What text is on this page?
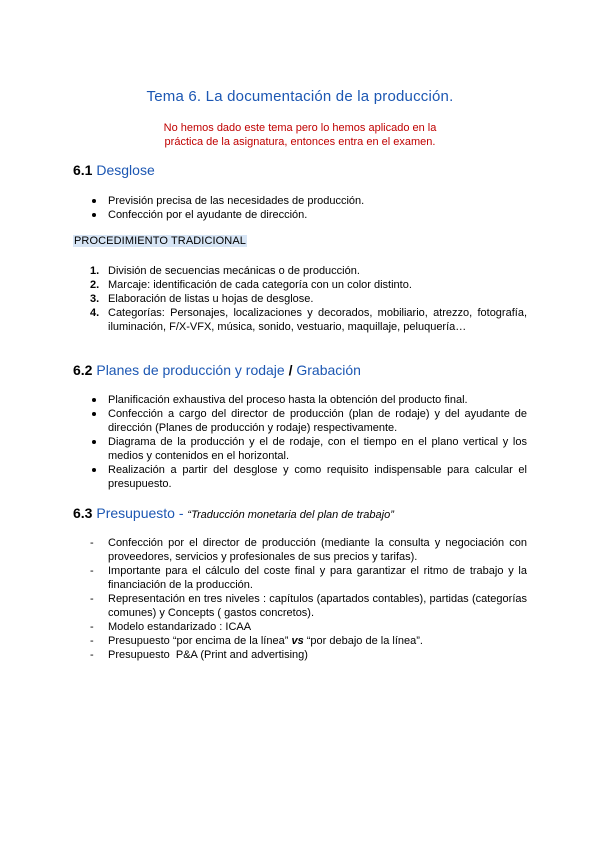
Tema 6. La documentación de la producción.
No hemos dado este tema pero lo hemos aplicado en la
práctica de la asignatura, entonces entra en el examen.
6.1 Desglose
Previsión precisa de las necesidades de producción.
Confección por el ayudante de dirección.
PROCEDIMIENTO TRADICIONAL
1. División de secuencias mecánicas o de producción.
2. Marcaje: identificación de cada categoría con un color distinto.
3. Elaboración de listas u hojas de desglose.
4. Categorías: Personajes, localizaciones y decorados, mobiliario, atrezzo, fotografía, iluminación, F/X-VFX, música, sonido, vestuario, maquillaje, peluquería…
6.2 Planes de producción y rodaje / Grabación
Planificación exhaustiva del proceso hasta la obtención del producto final.
Confección a cargo del director de producción (plan de rodaje) y del ayudante de dirección (Planes de producción y rodaje) respectivamente.
Diagrama de la producción y el de rodaje, con el tiempo en el plano vertical y los medios y contenidos en el horizontal.
Realización a partir del desglose y como requisito indispensable para calcular el presupuesto.
6.3 Presupuesto - “Traducción monetaria del plan de trabajo”
- Confección por el director de producción (mediante la consulta y negociación con proveedores, servicios y profesionales de sus precios y tarifas).
- Importante para el cálculo del coste final y para garantizar el ritmo de trabajo y la financiación de la producción.
- Representación en tres niveles : capítulos (apartados contables), partidas (categorías comunes) y Concepts ( gastos concretos).
- Modelo estandarizado : ICAA
- Presupuesto “por encima de la línea” vs “por debajo de la línea”.
- Presupuesto  P&A (Print and advertising)
